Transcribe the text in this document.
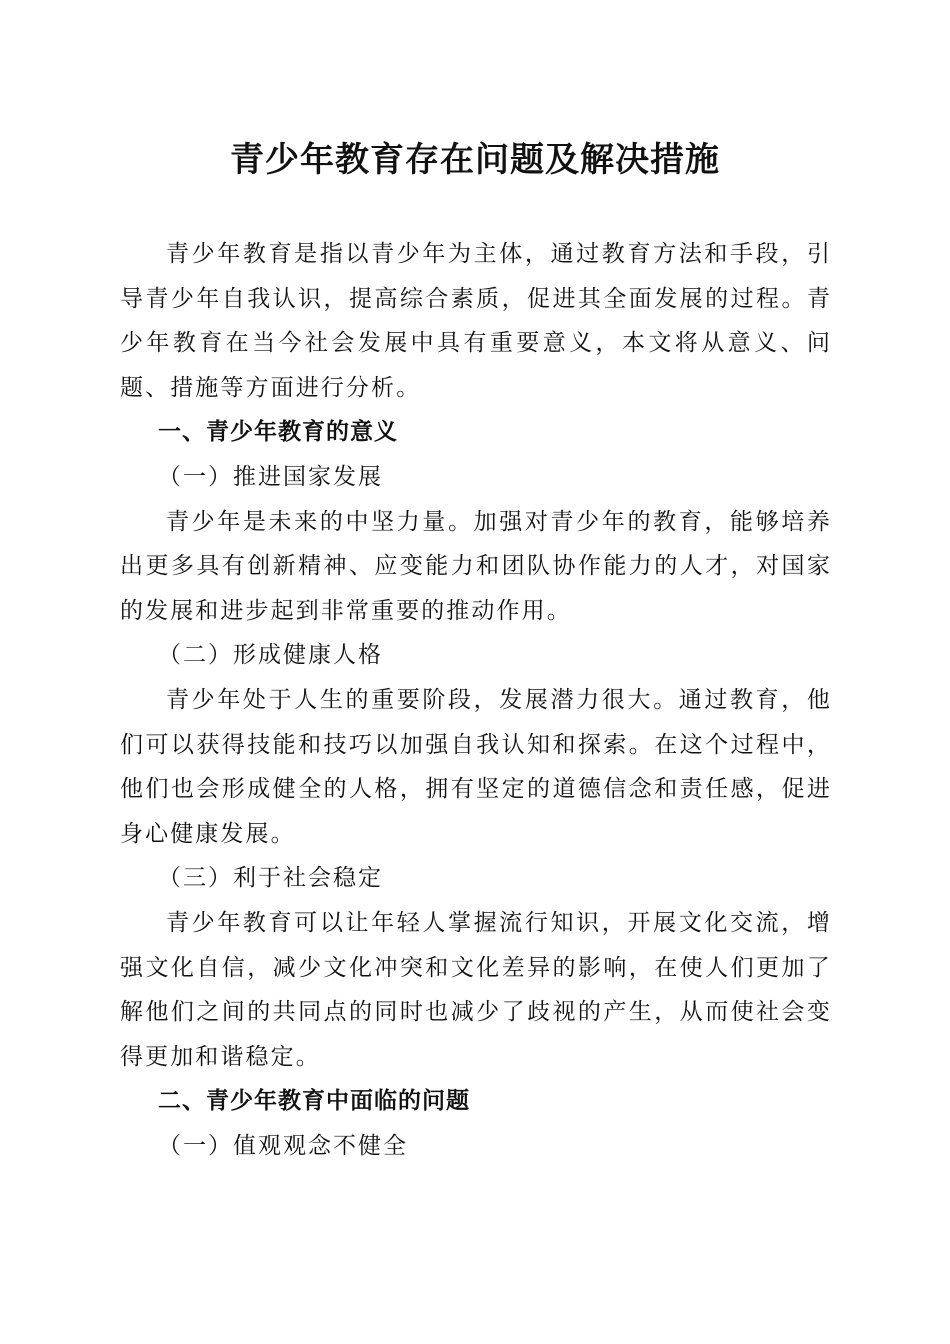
青少年教育存在问题及解决措施

青少年教育是指以青少年为主体，通过教育方法和手段，引导青少年自我认识，提高综合素质，促进其全面发展的过程。青少年教育在当今社会发展中具有重要意义，本文将从意义、问题、措施等方面进行分析。

一、青少年教育的意义

（一）推进国家发展

青少年是未来的中坚力量。加强对青少年的教育，能够培养出更多具有创新精神、应变能力和团队协作能力的人才，对国家的发展和进步起到非常重要的推动作用。

（二）形成健康人格

青少年处于人生的重要阶段，发展潜力很大。通过教育，他们可以获得技能和技巧以加强自我认知和探索。在这个过程中，他们也会形成健全的人格，拥有坚定的道德信念和责任感，促进身心健康发展。

（三）利于社会稳定

青少年教育可以让年轻人掌握流行知识，开展文化交流，增强文化自信，减少文化冲突和文化差异的影响，在使人们更加了解他们之间的共同点的同时也减少了歧视的产生，从而使社会变得更加和谐稳定。

二、青少年教育中面临的问题

（一）值观观念不健全
